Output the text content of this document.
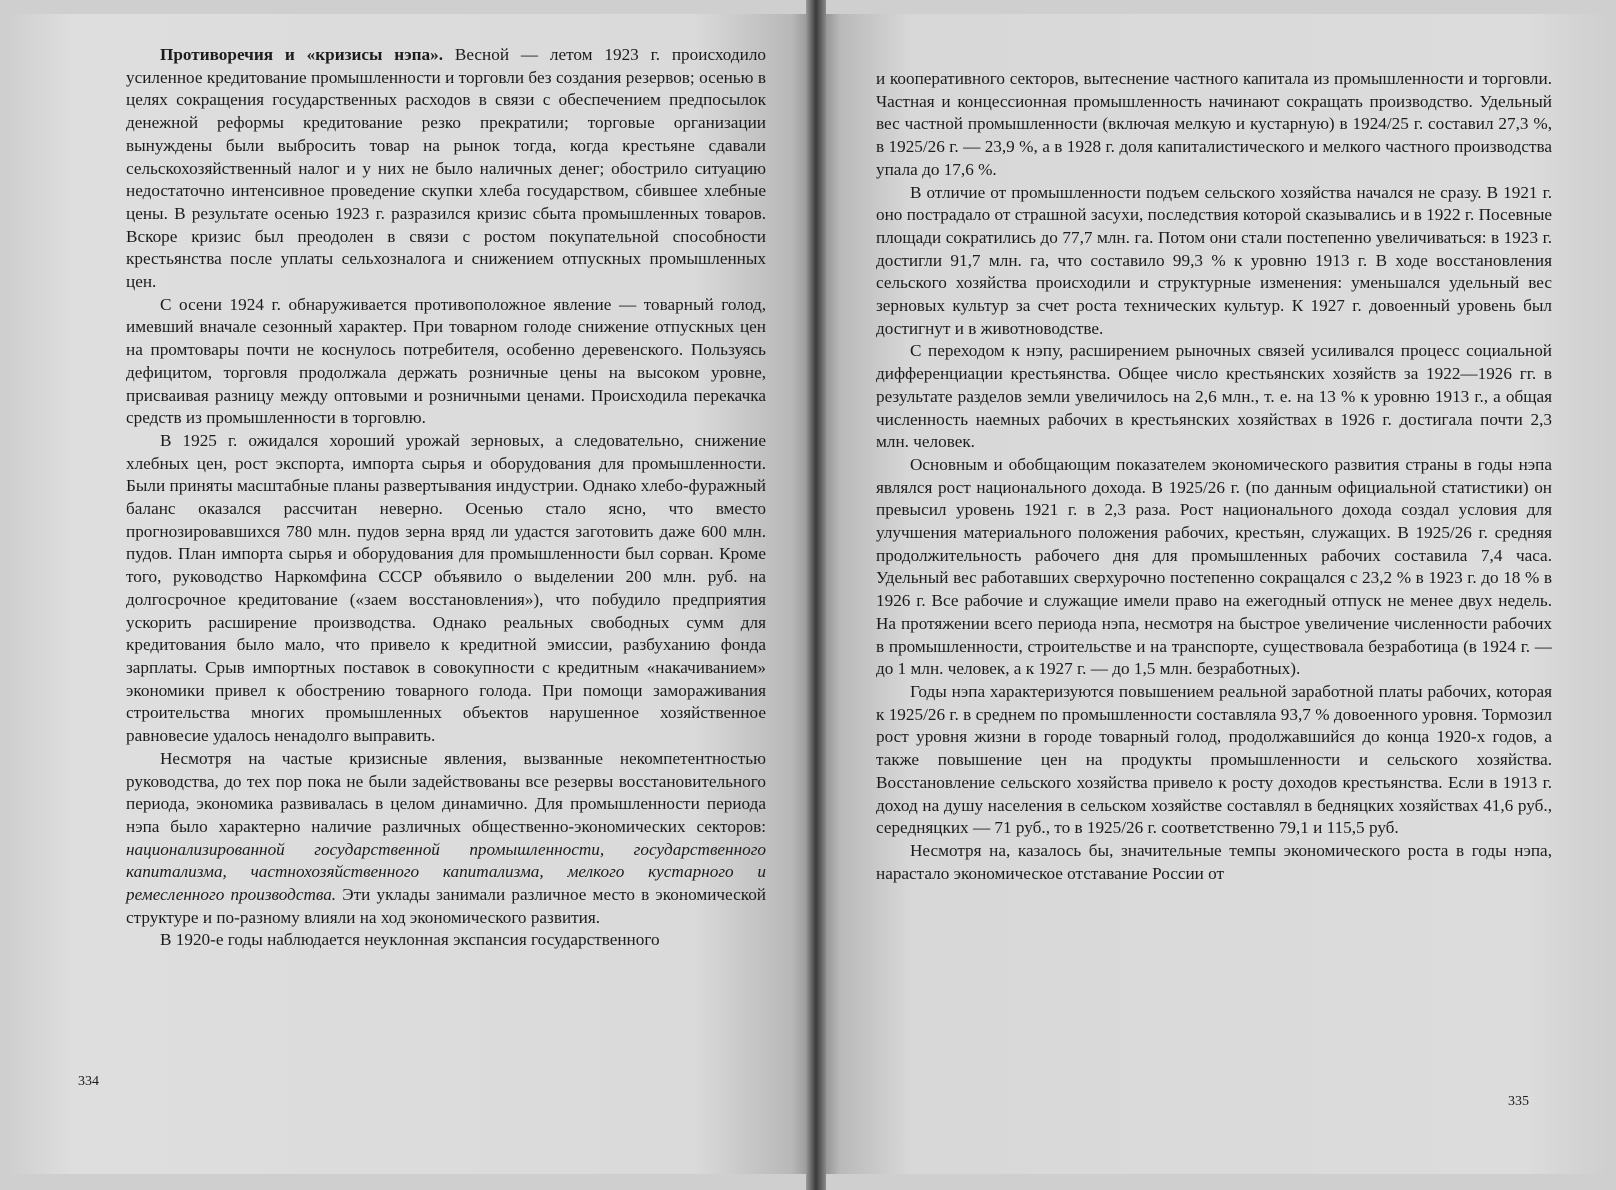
Противоречия и «кризисы нэпа». Весной — летом 1923 г. происходило усиленное кредитование промышленности и торговли без создания резервов; осенью в целях сокращения государственных расходов в связи с обеспечением предпосылок денежной реформы кредитование резко прекратили; торговые организации вынуждены были выбросить товар на рынок тогда, когда крестьяне сдавали сельскохозяйственный налог и у них не было наличных денег; обострило ситуацию недостаточно интенсивное проведение скупки хлеба государством, сбившее хлебные цены. В результате осенью 1923 г. разразился кризис сбыта промышленных товаров. Вскоре кризис был преодолен в связи с ростом покупательной способности крестьянства после уплаты сельхозналога и снижением отпускных промышленных цен.

С осени 1924 г. обнаруживается противоположное явление — товарный голод, имевший вначале сезонный характер. При товарном голоде снижение отпускных цен на промтовары почти не коснулось потребителя, особенно деревенского. Пользуясь дефицитом, торговля продолжала держать розничные цены на высоком уровне, присваивая разницу между оптовыми и розничными ценами. Происходила перекачка средств из промышленности в торговлю.

В 1925 г. ожидался хороший урожай зерновых, а следовательно, снижение хлебных цен, рост экспорта, импорта сырья и оборудования для промышленности. Были приняты масштабные планы развертывания индустрии. Однако хлебо-фуражный баланс оказался рассчитан неверно. Осенью стало ясно, что вместо прогнозировавшихся 780 млн. пудов зерна вряд ли удастся заготовить даже 600 млн. пудов. План импорта сырья и оборудования для промышленности был сорван. Кроме того, руководство Наркомфина СССР объявило о выделении 200 млн. руб. на долгосрочное кредитование («заем восстановления»), что побудило предприятия ускорить расширение производства. Однако реальных свободных сумм для кредитования было мало, что привело к кредитной эмиссии, разбуханию фонда зарплаты. Срыв импортных поставок в совокупности с кредитным «накачиванием» экономики привел к обострению товарного голода. При помощи замораживания строительства многих промышленных объектов нарушенное хозяйственное равновесие удалось ненадолго выправить.

Несмотря на частые кризисные явления, вызванные некомпетентностью руководства, до тех пор пока не были задействованы все резервы восстановительного периода, экономика развивалась в целом динамично. Для промышленности периода нэпа было характерно наличие различных общественно-экономических секторов: национализированной государственной промышленности, государственного капитализма, частнохозяйственного капитализма, мелкого кустарного и ремесленного производства. Эти уклады занимали различное место в экономической структуре и по-разному влияли на ход экономического развития.

В 1920-е годы наблюдается неуклонная экспансия государственного

334

и кооперативного секторов, вытеснение частного капитала из промышленности и торговли. Частная и концессионная промышленность начинают сокращать производство. Удельный вес частной промышленности (включая мелкую и кустарную) в 1924/25 г. составил 27,3 %, в 1925/26 г. — 23,9 %, а в 1928 г. доля капиталистического и мелкого частного производства упала до 17,6 %.

В отличие от промышленности подъем сельского хозяйства начался не сразу. В 1921 г. оно пострадало от страшной засухи, последствия которой сказывались и в 1922 г. Посевные площади сократились до 77,7 млн. га. Потом они стали постепенно увеличиваться: в 1923 г. достигли 91,7 млн. га, что составило 99,3 % к уровню 1913 г. В ходе восстановления сельского хозяйства происходили и структурные изменения: уменьшался удельный вес зерновых культур за счет роста технических культур. К 1927 г. довоенный уровень был достигнут и в животноводстве.

С переходом к нэпу, расширением рыночных связей усиливался процесс социальной дифференциации крестьянства. Общее число крестьянских хозяйств за 1922—1926 гг. в результате разделов земли увеличилось на 2,6 млн., т. е. на 13 % к уровню 1913 г., а общая численность наемных рабочих в крестьянских хозяйствах в 1926 г. достигала почти 2,3 млн. человек.

Основным и обобщающим показателем экономического развития страны в годы нэпа являлся рост национального дохода. В 1925/26 г. (по данным официальной статистики) он превысил уровень 1921 г. в 2,3 раза. Рост национального дохода создал условия для улучшения материального положения рабочих, крестьян, служащих. В 1925/26 г. средняя продолжительность рабочего дня для промышленных рабочих составила 7,4 часа. Удельный вес работавших сверхурочно постепенно сокращался с 23,2 % в 1923 г. до 18 % в 1926 г. Все рабочие и служащие имели право на ежегодный отпуск не менее двух недель. На протяжении всего периода нэпа, несмотря на быстрое увеличение численности рабочих в промышленности, строительстве и на транспорте, существовала безработица (в 1924 г. — до 1 млн. человек, а к 1927 г. — до 1,5 млн. безработных).

Годы нэпа характеризуются повышением реальной заработной платы рабочих, которая к 1925/26 г. в среднем по промышленности составляла 93,7 % довоенного уровня. Тормозил рост уровня жизни в городе товарный голод, продолжавшийся до конца 1920-х годов, а также повышение цен на продукты промышленности и сельского хозяйства. Восстановление сельского хозяйства привело к росту доходов крестьянства. Если в 1913 г. доход на душу населения в сельском хозяйстве составлял в бедняцких хозяйствах 41,6 руб., середняцких — 71 руб., то в 1925/26 г. соответственно 79,1 и 115,5 руб.

Несмотря на, казалось бы, значительные темпы экономического роста в годы нэпа, нарастало экономическое отставание России от

335
